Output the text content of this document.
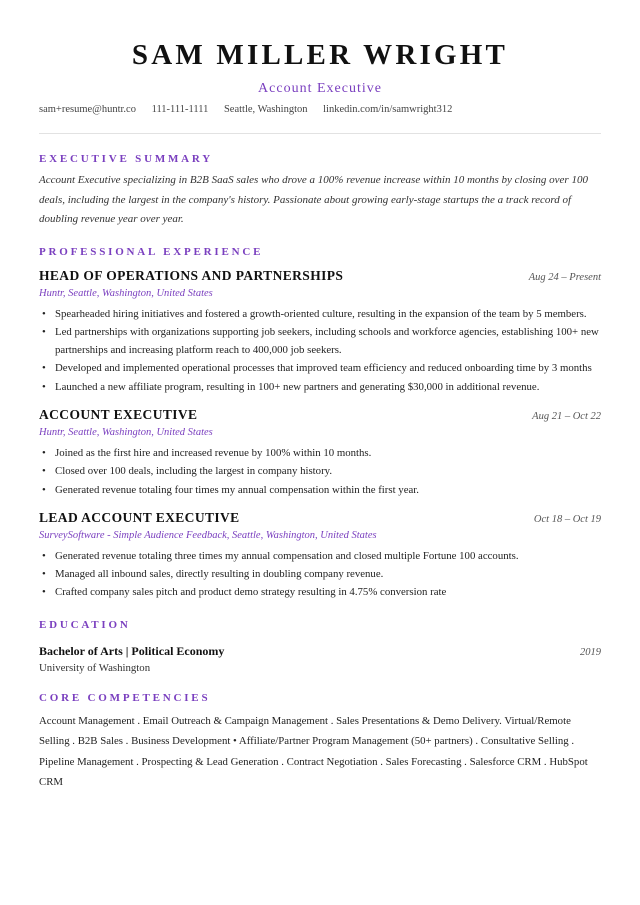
SAM MILLER WRIGHT
Account Executive
sam+resume@huntr.co 111-111-1111 Seattle, Washington linkedin.com/in/samwright312
EXECUTIVE SUMMARY
Account Executive specializing in B2B SaaS sales who drove a 100% revenue increase within 10 months by closing over 100 deals, including the largest in the company's history. Passionate about growing early-stage startups the a track record of doubling revenue year over year.
PROFESSIONAL EXPERIENCE
HEAD OF OPERATIONS AND PARTNERSHIPS	Aug 24 – Present
Huntr, Seattle, Washington, United States
• Spearheaded hiring initiatives and fostered a growth-oriented culture, resulting in the expansion of the team by 5 members.
• Led partnerships with organizations supporting job seekers, including schools and workforce agencies, establishing 100+ new partnerships and increasing platform reach to 400,000 job seekers.
• Developed and implemented operational processes that improved team efficiency and reduced onboarding time by 3 months
• Launched a new affiliate program, resulting in 100+ new partners and generating $30,000 in additional revenue.
ACCOUNT EXECUTIVE	Aug 21 – Oct 22
Huntr, Seattle, Washington, United States
• Joined as the first hire and increased revenue by 100% within 10 months.
• Closed over 100 deals, including the largest in company history.
• Generated revenue totaling four times my annual compensation within the first year.
LEAD ACCOUNT EXECUTIVE	Oct 18 – Oct 19
SurveySoftware - Simple Audience Feedback, Seattle, Washington, United States
• Generated revenue totaling three times my annual compensation and closed multiple Fortune 100 accounts.
• Managed all inbound sales, directly resulting in doubling company revenue.
• Crafted company sales pitch and product demo strategy resulting in 4.75% conversion rate
EDUCATION
Bachelor of Arts | Political Economy	2019
University of Washington
CORE COMPETENCIES
Account Management . Email Outreach & Campaign Management . Sales Presentations & Demo Delivery. Virtual/Remote Selling . B2B Sales . Business Development • Affiliate/Partner Program Management (50+ partners) . Consultative Selling . Pipeline Management . Prospecting & Lead Generation . Contract Negotiation . Sales Forecasting . Salesforce CRM . HubSpot CRM
